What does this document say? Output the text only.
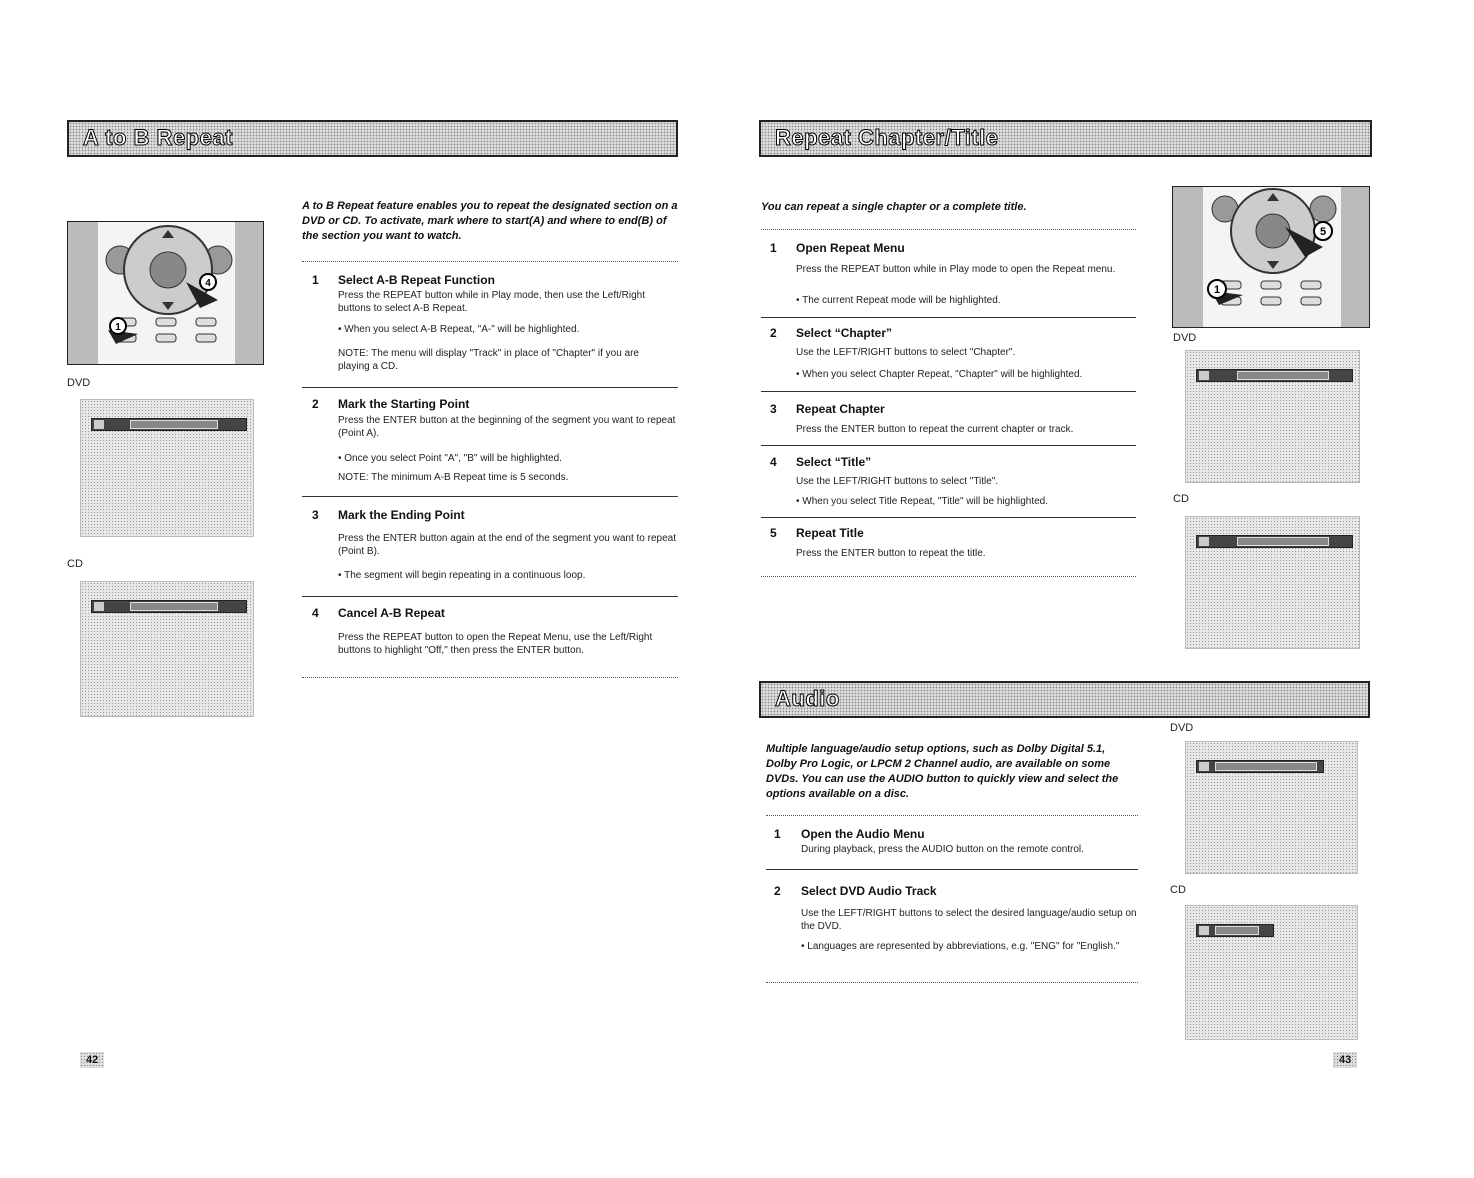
A to B Repeat
4
1
DVD
CD
A to B Repeat feature enables you to repeat the designated section on a DVD or CD. To activate, mark where to start(A) and where to end(B) of the section you want to watch.
1 Select A-B Repeat Function
Press the REPEAT button while in Play mode, then use the Left/Right buttons to select A-B Repeat.
• When you select A-B Repeat, "A-" will be highlighted.
NOTE: The menu will display "Track" in place of "Chapter" if you are playing a CD.
2 Mark the Starting Point
Press the ENTER button at the beginning of the segment you want to repeat (Point A).
• Once you select Point "A", "B" will be highlighted.
NOTE: The minimum A-B Repeat time is 5 seconds.
3 Mark the Ending Point
Press the ENTER button again at the end of the segment you want to repeat (Point B).
• The segment will begin repeating in a continuous loop.
4 Cancel A-B Repeat
Press the REPEAT button to open the Repeat Menu, use the Left/Right buttons to highlight "Off," then press the ENTER button.
42
Repeat Chapter/Title
You can repeat a single chapter or a complete title.
1 Open Repeat Menu
Press the REPEAT button while in Play mode to open the Repeat menu.
• The current Repeat mode will be highlighted.
2 Select “Chapter”
Use the LEFT/RIGHT buttons to select "Chapter".
• When you select Chapter Repeat, "Chapter" will be highlighted.
3 Repeat Chapter
Press the ENTER button to repeat the current chapter or track.
4 Select “Title”
Use the LEFT/RIGHT buttons to select "Title".
• When you select Title Repeat, "Title" will be highlighted.
5 Repeat Title
Press the ENTER button to repeat the title.
5
1
DVD
CD
Audio
DVD
CD
Multiple language/audio setup options, such as Dolby Digital 5.1, Dolby Pro Logic, or LPCM 2 Channel audio, are available on some DVDs. You can use the AUDIO button to quickly view and select the options available on a disc.
1 Open the Audio Menu
During playback, press the AUDIO button on the remote control.
2 Select DVD Audio Track
Use the LEFT/RIGHT buttons to select the desired language/audio setup on the DVD.
• Languages are represented by abbreviations, e.g. "ENG" for "English."
43
